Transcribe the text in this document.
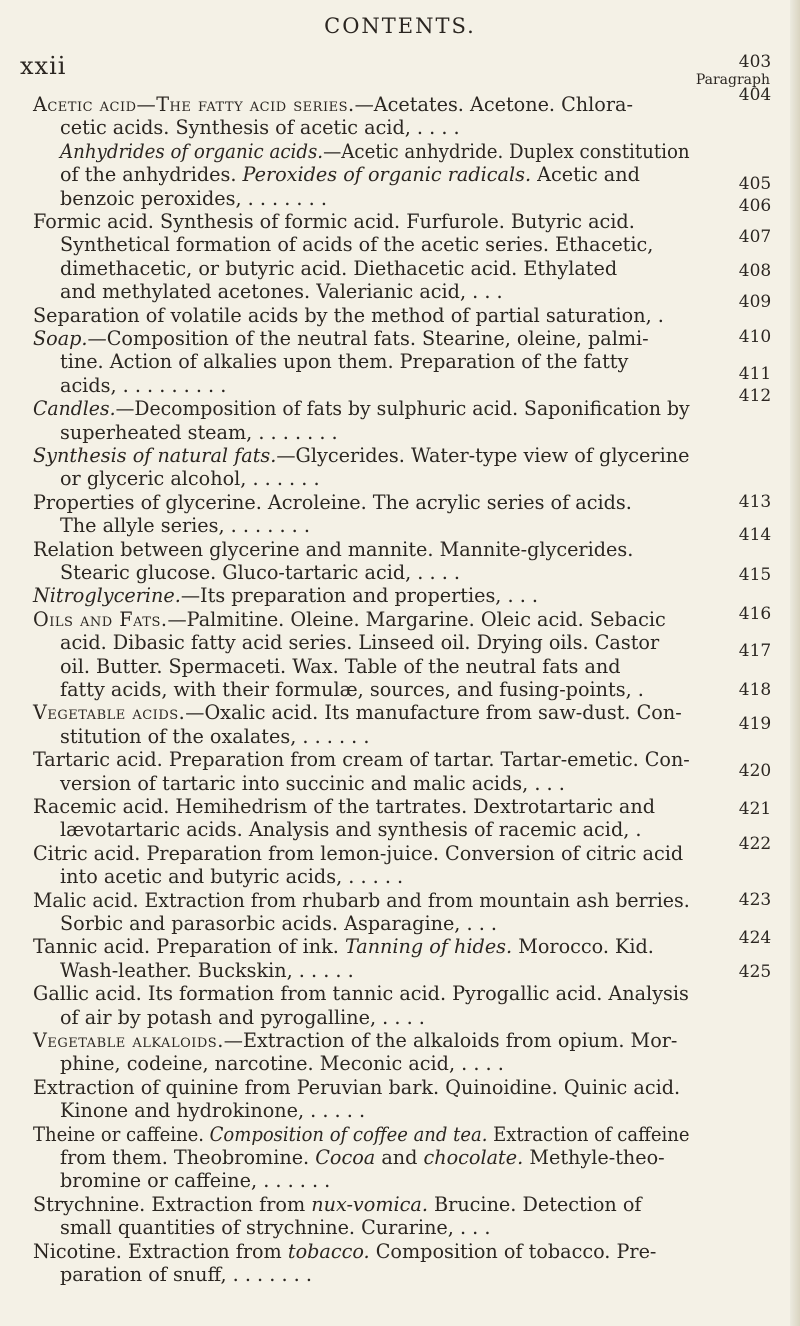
xxii
CONTENTS.
Paragraph
Acetic acid—The fatty acid series.—Acetates. Acetone. Chlora-
cetic acids. Synthesis of acetic acid, . . . .
Anhydrides of organic acids.—Acetic anhydride. Duplex constitution
of the anhydrides. Peroxides of organic radicals. Acetic and
benzoic peroxides, . . . . . . .
Formic acid. Synthesis of formic acid. Furfurole. Butyric acid.
Synthetical formation of acids of the acetic series. Ethacetic,
dimethacetic, or butyric acid. Diethacetic acid. Ethylated
and methylated acetones. Valerianic acid, . . .
Separation of volatile acids by the method of partial saturation, .
Soap.—Composition of the neutral fats. Stearine, oleine, palmi-
tine. Action of alkalies upon them. Preparation of the fatty
acids, . . . . . . . . .
Candles.—Decomposition of fats by sulphuric acid. Saponification by
superheated steam, . . . . . . .
Synthesis of natural fats.—Glycerides. Water-type view of glycerine
or glyceric alcohol, . . . . . .
Properties of glycerine. Acroleine. The acrylic series of acids.
The allyle series, . . . . . . .
Relation between glycerine and mannite. Mannite-glycerides.
Stearic glucose. Gluco-tartaric acid, . . . .
Nitroglycerine.—Its preparation and properties, . . .
Oils and Fats.—Palmitine. Oleine. Margarine. Oleic acid. Sebacic
acid. Dibasic fatty acid series. Linseed oil. Drying oils. Castor
oil. Butter. Spermaceti. Wax. Table of the neutral fats and
fatty acids, with their formulæ, sources, and fusing-points, .
Vegetable acids.—Oxalic acid. Its manufacture from saw-dust. Con-
stitution of the oxalates, . . . . . .
Tartaric acid. Preparation from cream of tartar. Tartar-emetic. Con-
version of tartaric into succinic and malic acids, . . .
Racemic acid. Hemihedrism of the tartrates. Dextrotartaric and
lævotartaric acids. Analysis and synthesis of racemic acid, .
Citric acid. Preparation from lemon-juice. Conversion of citric acid
into acetic and butyric acids, . . . . .
Malic acid. Extraction from rhubarb and from mountain ash berries.
Sorbic and parasorbic acids. Asparagine, . . .
Tannic acid. Preparation of ink. Tanning of hides. Morocco. Kid.
Wash-leather. Buckskin, . . . . .
Gallic acid. Its formation from tannic acid. Pyrogallic acid. Analysis
of air by potash and pyrogalline, . . . .
Vegetable alkaloids.—Extraction of the alkaloids from opium. Mor-
phine, codeine, narcotine. Meconic acid, . . . .
Extraction of quinine from Peruvian bark. Quinoidine. Quinic acid.
Kinone and hydrokinone, . . . . .
Theine or caffeine. Composition of coffee and tea. Extraction of caffeine
from them. Theobromine. Cocoa and chocolate. Methyle-theo-
bromine or caffeine, . . . . . .
Strychnine. Extraction from nux-vomica. Brucine. Detection of
small quantities of strychnine. Curarine, . . .
Nicotine. Extraction from tobacco. Composition of tobacco. Pre-
paration of snuff, . . . . . . .
403
404
405
406
407
408
409
410
411
412
413
414
415
416
417
418
419
420
421
422
423
424
425
